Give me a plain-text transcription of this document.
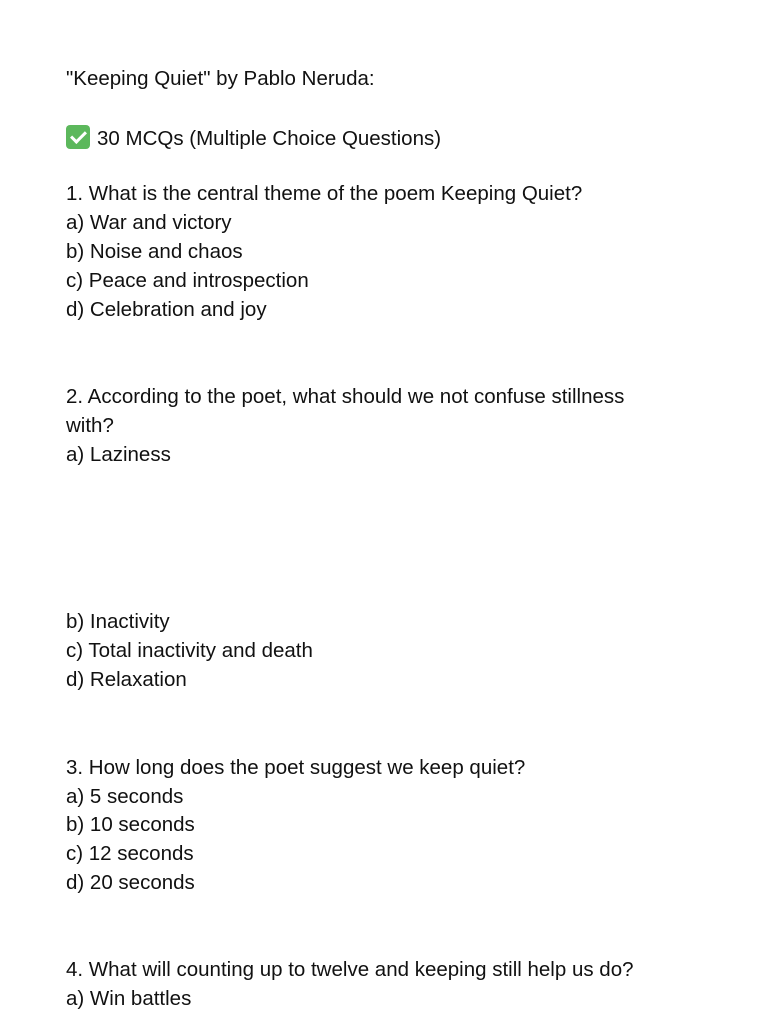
"Keeping Quiet" by Pablo Neruda:
30 MCQs (Multiple Choice Questions)
1. What is the central theme of the poem Keeping Quiet?
a) War and victory
b) Noise and chaos
c) Peace and introspection
d) Celebration and joy
2. According to the poet, what should we not confuse stillness
with?
a) Laziness
b) Inactivity
c) Total inactivity and death
d) Relaxation
3. How long does the poet suggest we keep quiet?
a) 5 seconds
b) 10 seconds
c) 12 seconds
d) 20 seconds
4. What will counting up to twelve and keeping still help us do?
a) Win battles
